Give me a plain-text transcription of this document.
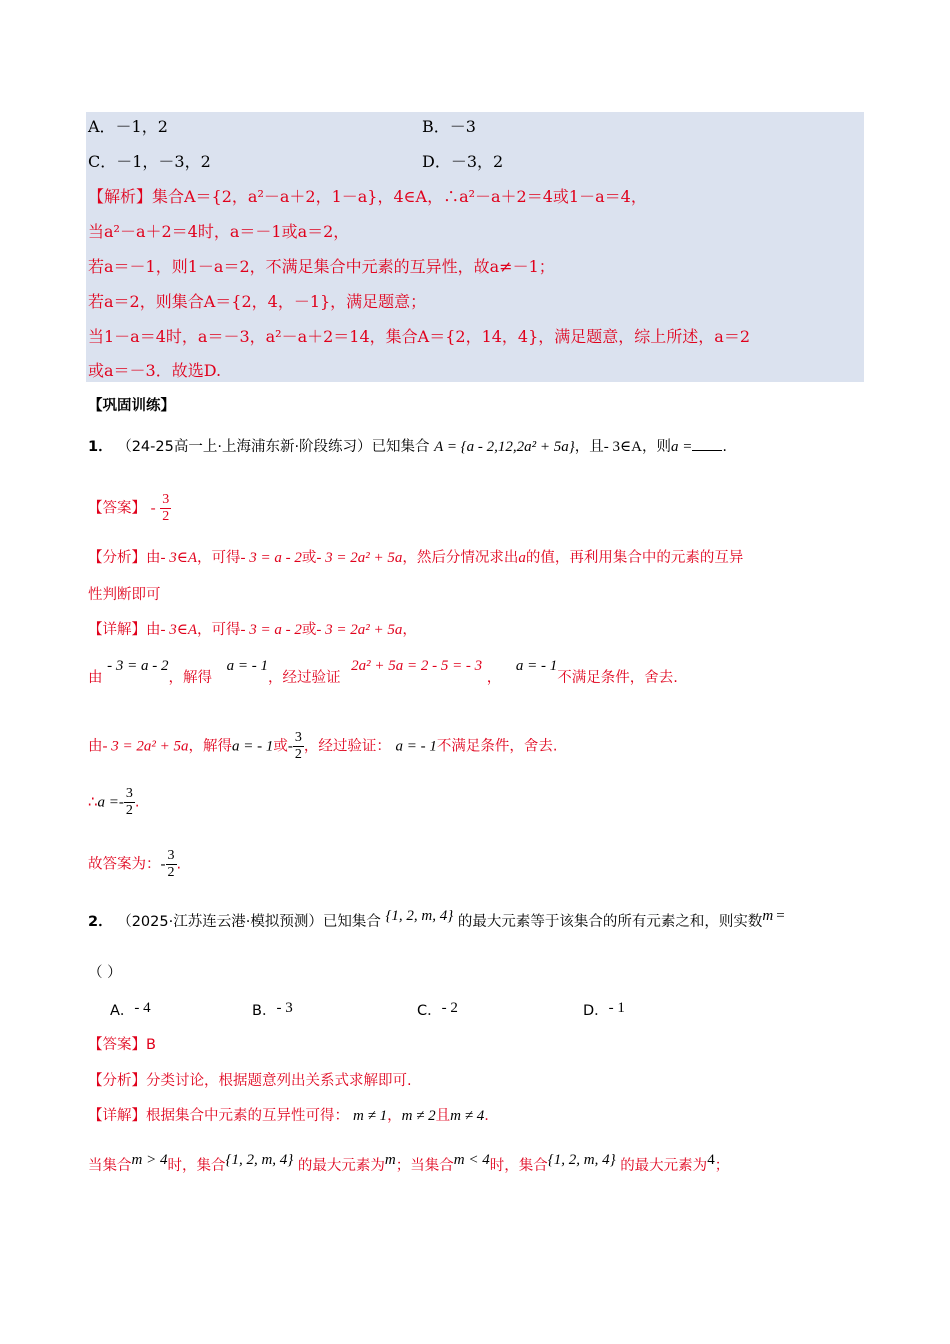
A．－1，2	B．－3
C．－1，－3，2	D．－3，2
【解析】集合A＝{2，a²－a＋2，1－a}，4∈A，∴a²－a＋2＝4或1－a＝4，
当a²－a＋2＝4时，a＝－1或a＝2，
若a＝－1，则1－a＝2，不满足集合中元素的互异性，故a≠－1；
若a＝2，则集合A＝{2，4，－1}，满足题意；
当1－a＝4时，a＝－3，a²－a＋2＝14，集合A＝{2，14，4}，满足题意，综上所述，a＝2
或a＝－3．故选D.
【巩固训练】
1． （24-25高一上·上海浦东新·阶段练习）已知集合 A = {a - 2,12,2a² + 5a}，且- 3∈A，则a = .
【答案】 - $\frac{3}{2}$
【分析】由- 3∈A，可得- 3 = a - 2或- 3 = 2a² + 5a，然后分情况求出a的值，再利用集合中的元素的互异
性判断即可
【详解】由- 3∈A，可得- 3 = a - 2或- 3 = 2a² + 5a，
由 - 3 = a - 2，解得 a = - 1，经过验证 2a² + 5a = 2 - 5 = - 3 ， a = - 1不满足条件，舍去.
由- 3 = 2a² + 5a，解得a = - 1或- $\frac{3}{2}$ ，经过验证： a = - 1不满足条件，舍去.
∴a =- $\frac{3}{2}$ .
故答案为：- $\frac{3}{2}$ .
2． （2025·江苏连云港·模拟预测）已知集合 {1, 2, m, 4} 的最大元素等于该集合的所有元素之和，则实数m =
（ ）
A．- 4	B．- 3	C．- 2	D．- 1
【答案】B
【分析】分类讨论，根据题意列出关系式求解即可.
【详解】根据集合中元素的互异性可得： m ≠ 1，m ≠ 2且m ≠ 4.
当集合m > 4时，集合{1, 2, m, 4} 的最大元素为m；当集合m < 4时，集合{1, 2, m, 4} 的最大元素为4；
